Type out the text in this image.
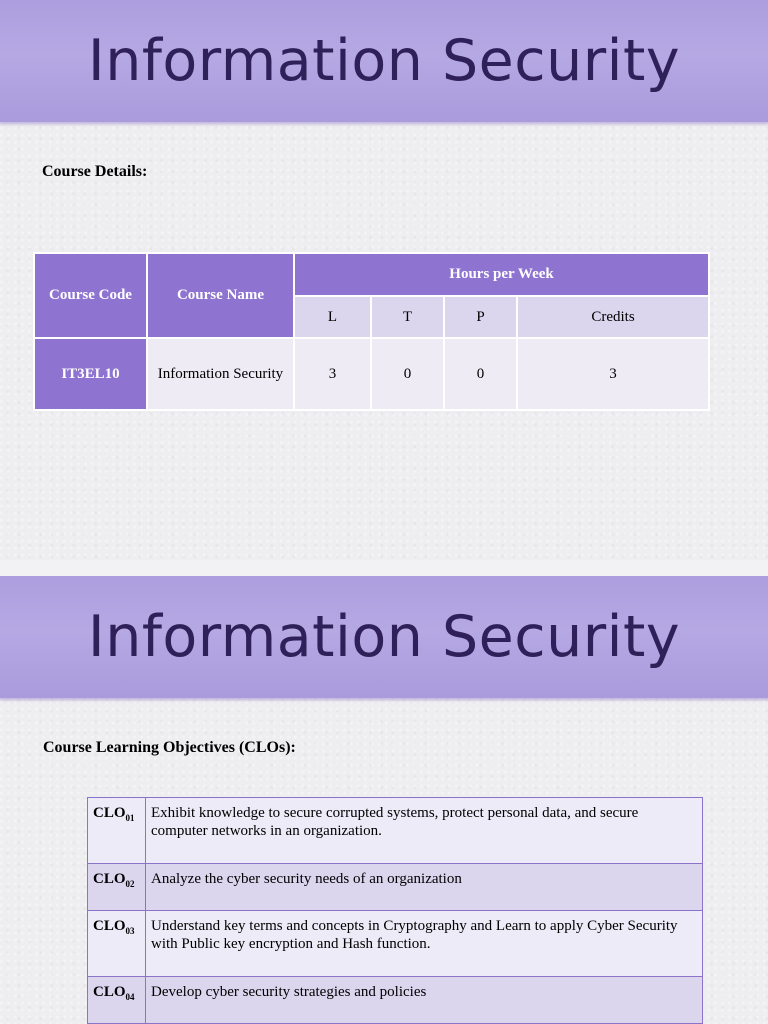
Information Security
Course Details:
Course Code	Course Name	Hours per Week			
		L	T	P	Credits
IT3EL10	Information Security	3	0	0	3
Information Security
Course Learning Objectives (CLOs):
$CLO_{01}$	Exhibit knowledge to secure corrupted systems, protect personal data, and secure computer networks in an organization.
$CLO_{02}$	Analyze the cyber security needs of an organization
$CLO_{03}$	Understand key terms and concepts in Cryptography and Learn to apply Cyber Security with Public key encryption and Hash function.
$CLO_{04}$	Develop cyber security strategies and policies
